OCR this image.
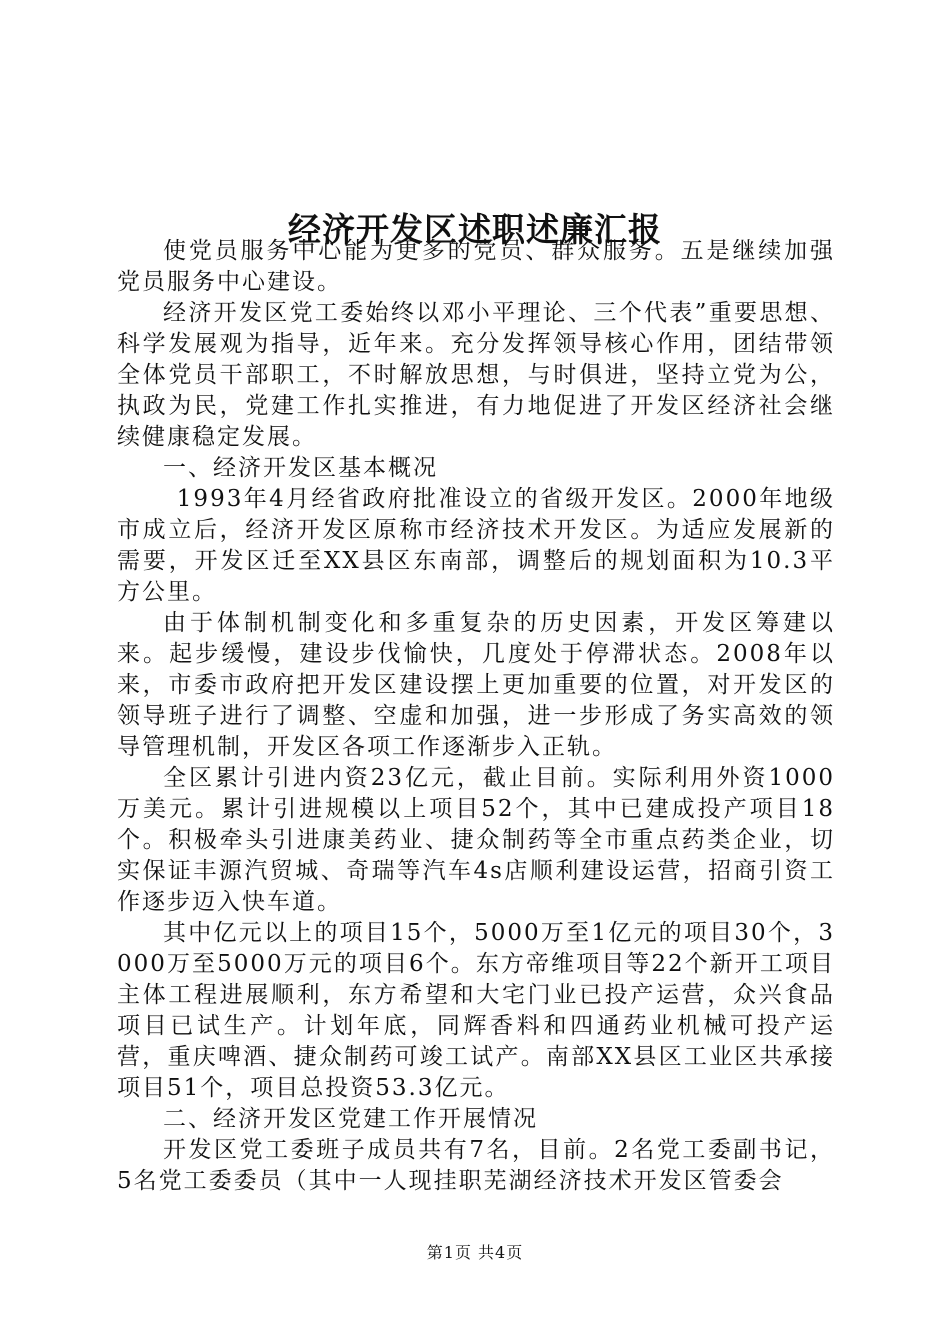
经济开发区述职述廉汇报

使党员服务中心能为更多的党员、群众服务。五是继续加强党员服务中心建设。

经济开发区党工委始终以邓小平理论、三个代表”重要思想、科学发展观为指导，近年来。充分发挥领导核心作用，团结带领全体党员干部职工，不时解放思想，与时俱进，坚持立党为公，执政为民，党建工作扎实推进，有力地促进了开发区经济社会继续健康稳定发展。

一、经济开发区基本概况

1993年4月经省政府批准设立的省级开发区。2000年地级市成立后，经济开发区原称市经济技术开发区。为适应发展新的需要，开发区迁至XX县区东南部，调整后的规划面积为10.3平方公里。

由于体制机制变化和多重复杂的历史因素，开发区筹建以来。起步缓慢，建设步伐愉快，几度处于停滞状态。2008年以来，市委市政府把开发区建设摆上更加重要的位置，对开发区的领导班子进行了调整、空虚和加强，进一步形成了务实高效的领导管理机制，开发区各项工作逐渐步入正轨。

全区累计引进内资23亿元，截止目前。实际利用外资1000万美元。累计引进规模以上项目52个，其中已建成投产项目18个。积极牵头引进康美药业、捷众制药等全市重点药类企业，切实保证丰源汽贸城、奇瑞等汽车4s店顺利建设运营，招商引资工作逐步迈入快车道。

其中亿元以上的项目15个，5000万至1亿元的项目30个，3000万至5000万元的项目6个。东方帝维项目等22个新开工项目主体工程进展顺利，东方希望和大宅门业已投产运营，众兴食品项目已试生产。计划年底，同辉香料和四通药业机械可投产运营，重庆啤酒、捷众制药可竣工试产。南部XX县区工业区共承接项目51个，项目总投资53.3亿元。

二、经济开发区党建工作开展情况

开发区党工委班子成员共有7名，目前。2名党工委副书记，5名党工委委员（其中一人现挂职芜湖经济技术开发区管委会

第1页 共4页
